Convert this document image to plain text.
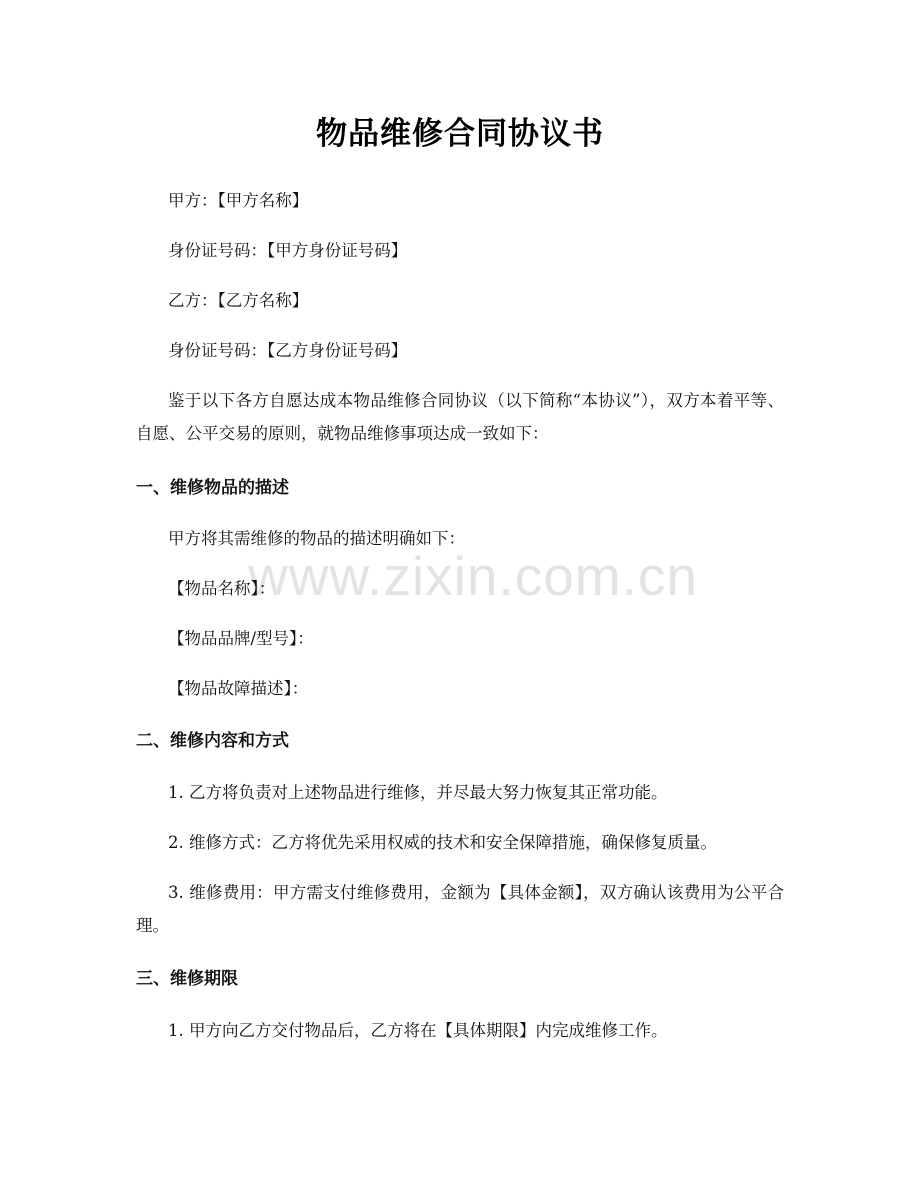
www.zixin.com.cn
物品维修合同协议书
甲方：【甲方名称】
身份证号码：【甲方身份证号码】
乙方：【乙方名称】
身份证号码：【乙方身份证号码】
鉴于以下各方自愿达成本物品维修合同协议（以下简称“本协议”），双方本着平等、自愿、公平交易的原则，就物品维修事项达成一致如下：
一、维修物品的描述
甲方将其需维修的物品的描述明确如下：
【物品名称】：
【物品品牌/型号】：
【物品故障描述】：
二、维修内容和方式
1. 乙方将负责对上述物品进行维修，并尽最大努力恢复其正常功能。
2. 维修方式：乙方将优先采用权威的技术和安全保障措施，确保修复质量。
3. 维修费用：甲方需支付维修费用，金额为【具体金额】，双方确认该费用为公平合理。
三、维修期限
1. 甲方向乙方交付物品后，乙方将在【具体期限】内完成维修工作。
